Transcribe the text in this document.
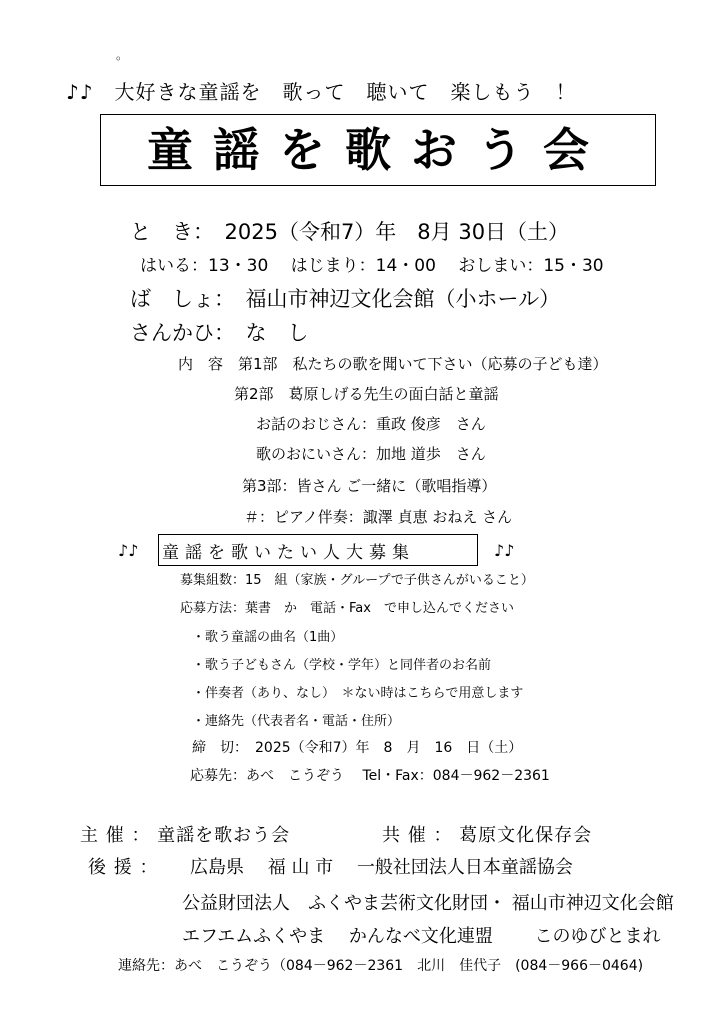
。
♪♪　大好きな童謡を　歌って　聴いて　楽しもう　！
童謡を歌おう会
と　き：　2025（令和7）年　8月 30日（土）
はいる：13・30　 はじまり：14・00　 おしまい：15・30
ば　しょ：　福山市神辺文化会館（小ホール）
さんかひ：　な　し
内　容　第1部　私たちの歌を聞いて下さい（応募の子ども達）
第2部　葛原しげる先生の面白話と童謡
お話のおじさん：重政 俊彦　さん
歌のおにいさん：加地 道歩　さん
第3部：皆さん ご一緒に（歌唱指導）
＃：ピアノ伴奏：諏澤 貞恵 おねえ さん
♪♪ 童謡を歌いたい人大募集	♪♪
募集組数：15　組（家族・グループで子供さんがいること）
応募方法：葉書　か　電話・Fax　で申し込んでください
・歌う童謡の曲名（1曲）
・歌う子どもさん（学校・学年）と同伴者のお名前
・伴奏者（あり、なし）　＊ない時はこちらで用意します
・連絡先（代表者名・電話・住所）
締　切：　2025（令和7）年　8　月　16　日（土）
応募先：あべ　こうぞう　 Tel・Fax：084－962－2361
主 催 ： 童謡を歌おう会	共 催 ： 葛原文化保存会
後 援 ： 広島県　 福 山 市　 一般社団法人日本童謡協会
公益財団法人　ふくやま芸術文化財団・ 福山市神辺文化会館
エフエムふくやま　 かんなべ文化連盟　　 このゆびとまれ
連絡先：あべ　こうぞう（084－962－2361　北川　佳代子　(084－966－0464)
